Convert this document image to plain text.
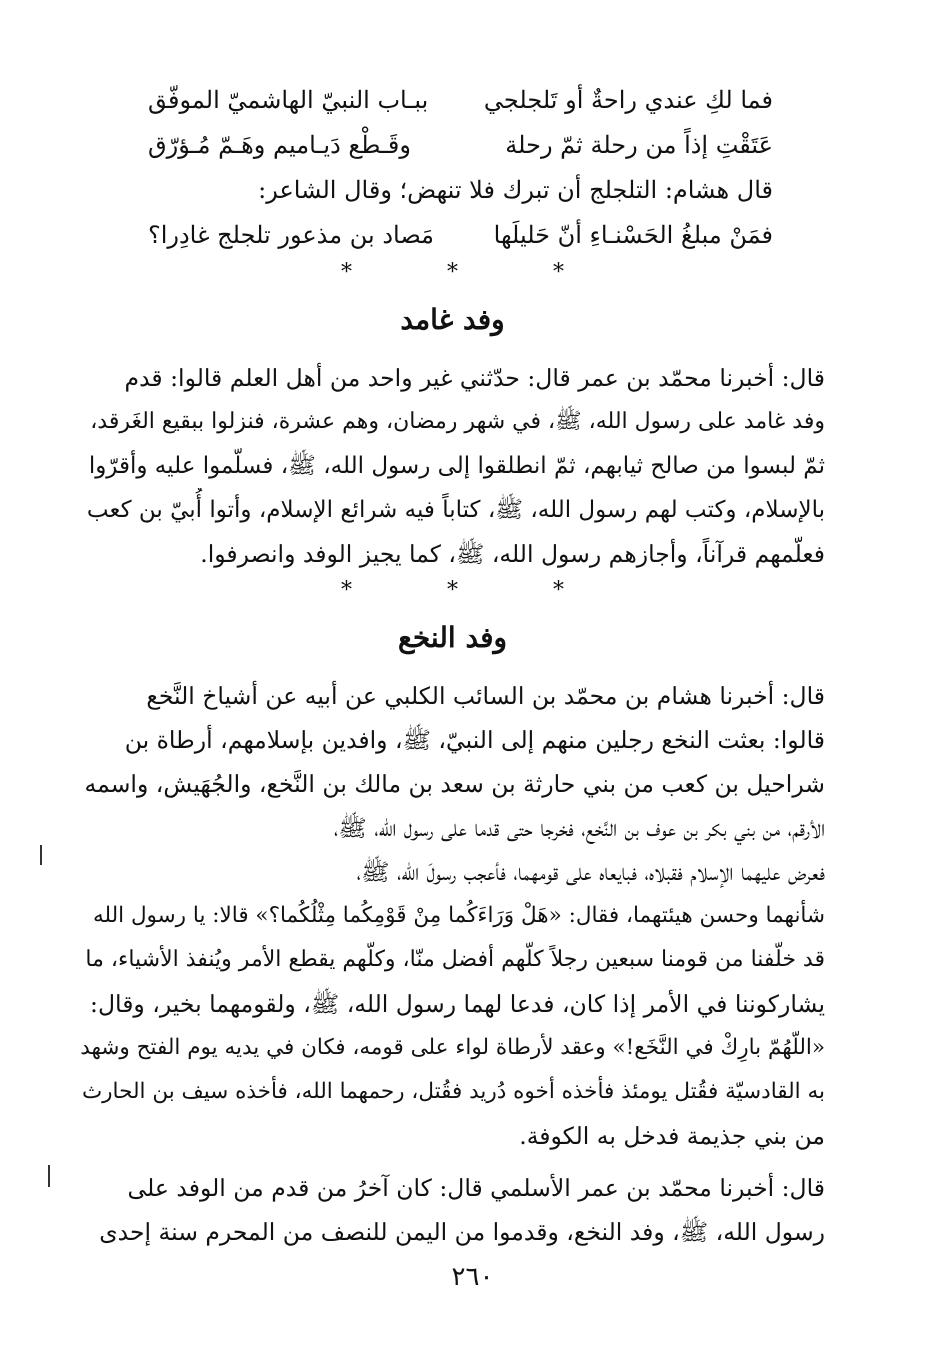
فما لكِ عندي راحةٌ أو تَلجلجي
ببـاب النبيّ الهاشميّ الموفّق
عَتَقْتِ إذاً من رحلة ثمّ رحلة
وقَـطْع دَيـاميم وهَـمّ مُـؤرّق
قال هشام: التلجلج أن تبرك فلا تنهض؛ وقال الشاعر:
فمَنْ مبلغُ الحَسْنـاءِ أنّ حَليلَها
مَصاد بن مذعور تلجلج غادِرا؟
* * *
وفد غامد

قال: أخبرنا محمّد بن عمر قال: حدّثني غير واحد من أهل العلم قالوا: قدم
وفد غامد على رسول الله، ﷺ، في شهر رمضان، وهم عشرة، فنزلوا ببقيع الغَرقد،
ثمّ لبسوا من صالح ثيابهم، ثمّ انطلقوا إلى رسول الله، ﷺ، فسلّموا عليه وأقرّوا
بالإسلام، وكتب لهم رسول الله، ﷺ، كتاباً فيه شرائع الإسلام، وأتوا أُبيّ بن كعب
فعلّمهم قرآناً، وأجازهم رسول الله، ﷺ، كما يجيز الوفد وانصرفوا.

* * *
وفد النخع

قال: أخبرنا هشام بن محمّد بن السائب الكلبي عن أبيه عن أشياخ النَّخع
قالوا: بعثت النخع رجلين منهم إلى النبيّ، ﷺ، وافدين بإسلامهم، أرطاة بن
شراحيل بن كعب من بني حارثة بن سعد بن مالك بن النَّخع، والجُهَيش، واسمه
الأرقم، من بني بكر بن عوف بن النَّخع، فخرجا حتى قدما على رسول الله، ﷺ،
فعرض عليهما الإسلام فقبلاه، فبايعاه على قومهما، فأعجب رسولَ الله، ﷺ،
شأنهما وحسن هيئتهما، فقال: «هَلْ وَرَاءَكُما مِنْ قَوْمِكُما مِثْلُكُما؟» قالا: يا رسول الله
قد خلّفنا من قومنا سبعين رجلاً كلّهم أفضل منّا، وكلّهم يقطع الأمر ويُنفذ الأشياء، ما
يشاركوننا في الأمر إذا كان، فدعا لهما رسول الله، ﷺ، ولقومهما بخير، وقال:
«اللّهُمّ بارِكْ في النَّخَع!» وعقد لأرطاة لواء على قومه، فكان في يديه يوم الفتح وشهد
به القادسيّة فقُتل يومئذ فأخذه أخوه دُريد فقُتل، رحمهما الله، فأخذه سيف بن الحارث
من بني جذيمة فدخل به الكوفة.

قال: أخبرنا محمّد بن عمر الأسلمي قال: كان آخرُ من قدم من الوفد على
رسول الله، ﷺ، وفد النخع، وقدموا من اليمن للنصف من المحرم سنة إحدى

٢٦٠
